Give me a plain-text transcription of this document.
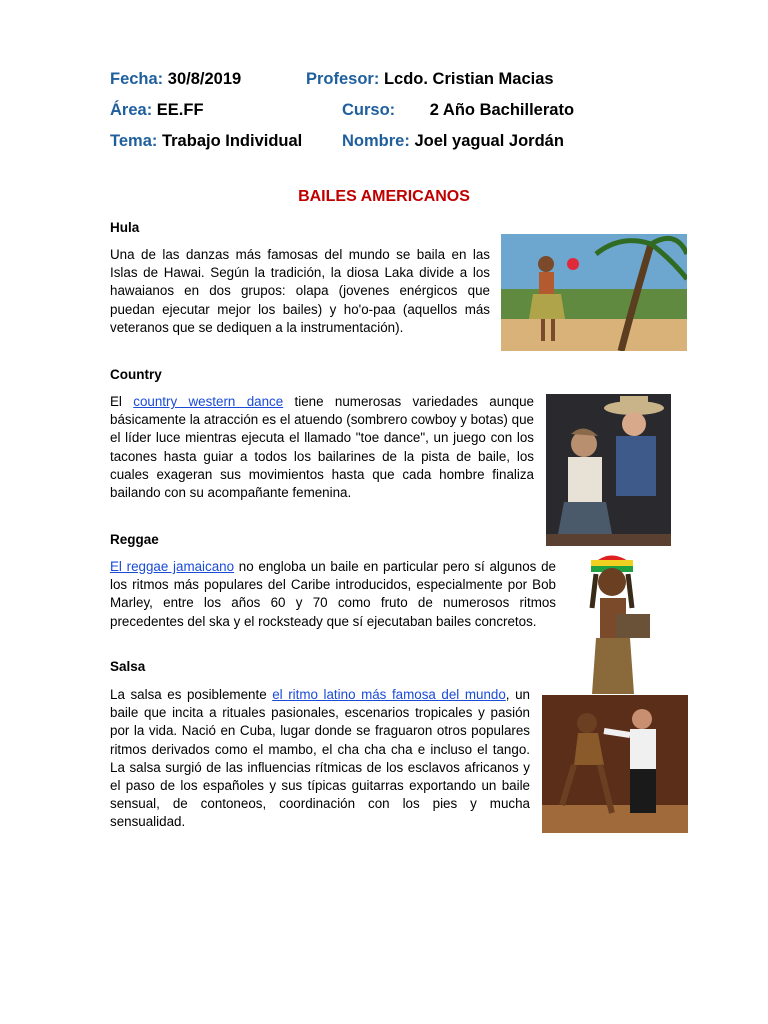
Fecha: 30/8/2019	Profesor: Lcdo. Cristian Macias
Área: EE.FF	Curso: 2 Año Bachillerato
Tema: Trabajo Individual Nombre: Joel yagual Jordán
BAILES AMERICANOS
Hula
Una de las danzas más famosas del mundo se baila en las Islas de Hawai. Según la tradición, la diosa Laka divide a los hawaianos en dos grupos: olapa (jovenes enérgicos que puedan ejecutar mejor los bailes) y ho'o-paa (aquellos más veteranos que se dediquen a la instrumentación).
Country
El country western dance tiene numerosas variedades aunque básicamente la atracción es el atuendo (sombrero cowboy y botas) que el líder luce mientras ejecuta el llamado "toe dance", un juego con los tacones hasta guiar a todos los bailarines de la pista de baile, los cuales exageran sus movimientos hasta que cada hombre finaliza bailando con su acompañante femenina.
Reggae
El reggae jamaicano no engloba un baile en particular pero sí algunos de los ritmos más populares del Caribe introducidos, especialmente por Bob Marley, entre los años 60 y 70 como fruto de numerosos ritmos precedentes del ska y el rocksteady que sí ejecutaban bailes concretos.
Salsa
La salsa es posiblemente el ritmo latino más famosa del mundo, un baile que incita a rituales pasionales, escenarios tropicales y pasión por la vida. Nació en Cuba, lugar donde se fraguaron otros populares ritmos derivados como el mambo, el cha cha cha e incluso el tango. La salsa surgió de las influencias rítmicas de los esclavos africanos y el paso de los españoles y sus típicas guitarras exportando un baile sensual, de contoneos, coordinación con los pies y mucha sensualidad.
